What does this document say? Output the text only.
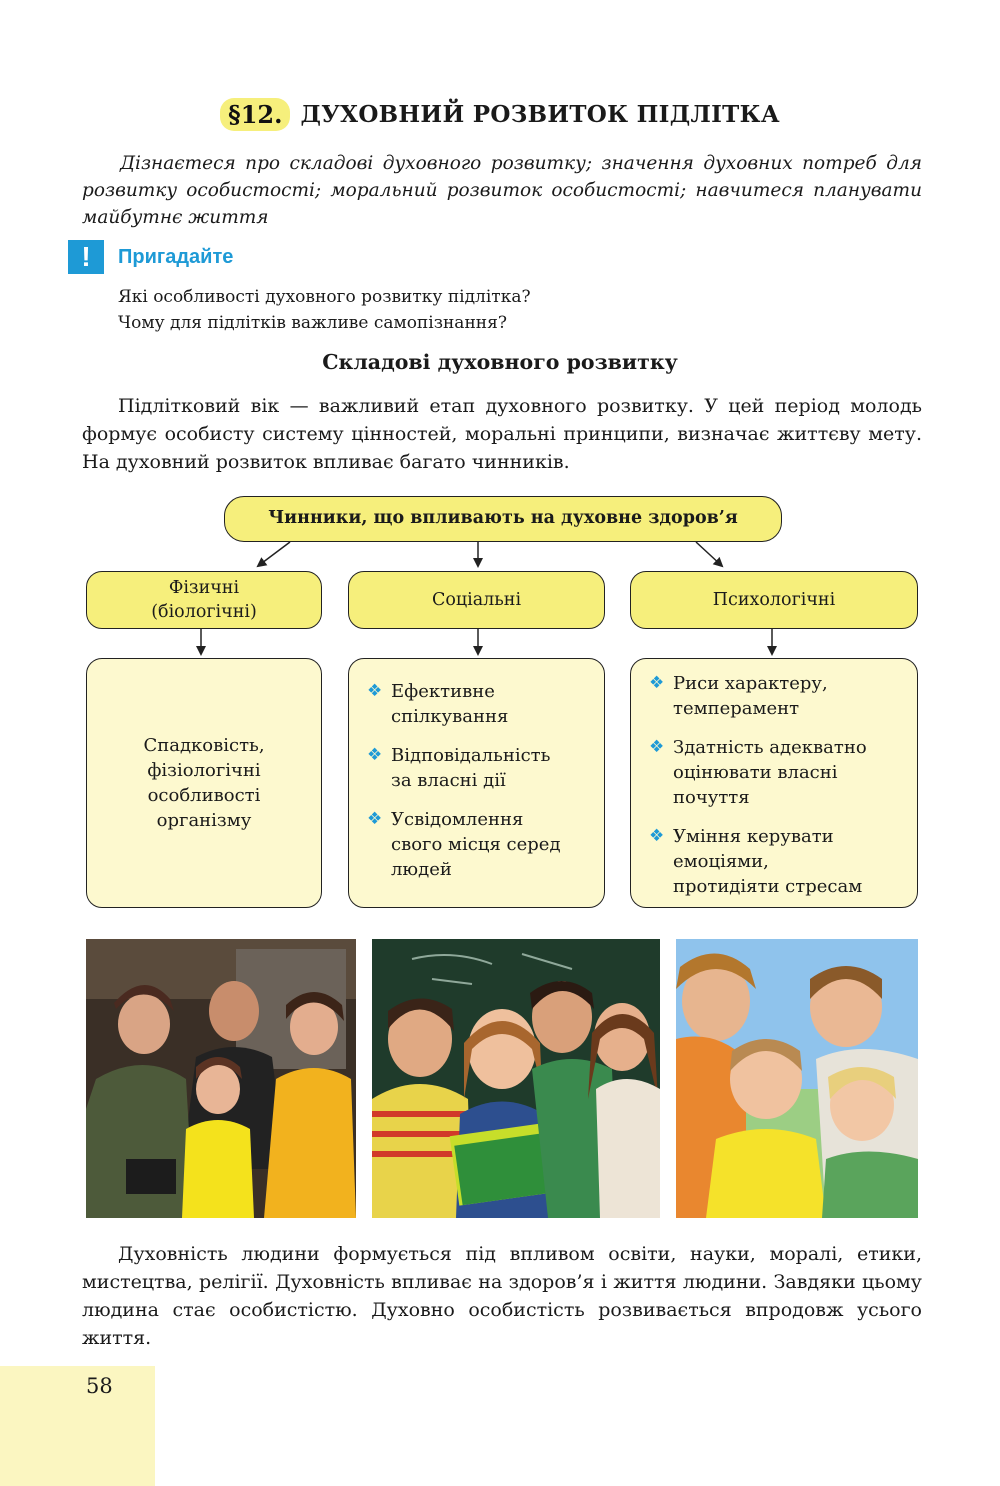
§12. ДУХОВНИЙ РОЗВИТОК ПІДЛІТКА

Дізнаєтеся про складові духовного розвитку; значення духовних потреб для розвитку особистості; моральний розвиток особистості; навчитеся планувати майбутнє життя

!	Пригадайте
Які особливості духовного розвитку підлітка?
Чому для підлітків важливе самопізнання?
Складові духовного розвитку

Підлітковий вік — важливий етап духовного розвитку. У цей період молодь формує особисту систему цінностей, моральні принципи, визначає життєву мету. На духовний розвиток впливає багато чинників.

Чинники, що впливають на духовне здоров’я
Фізичні
(біологічні)
Соціальні	Психологічні
Спадковість,
фізіологічні
особливості
організму
❖ Ефективне
спілкування
❖ Відповідальність
за власні дії
❖ Усвідомлення
свого місця серед
людей
❖ Риси характеру,
темперамент
❖ Здатність адекватно
оцінювати власні
почуття
❖ Уміння керувати
емоціями,
протидіяти стресам

Духовність людини формується під впливом освіти, науки, моралі, етики, мистецтва, релігії. Духовність впливає на здоров’я і життя людини. Завдяки цьому людина стає особистістю. Духовно особистість розвивається впродовж усього життя.

58
